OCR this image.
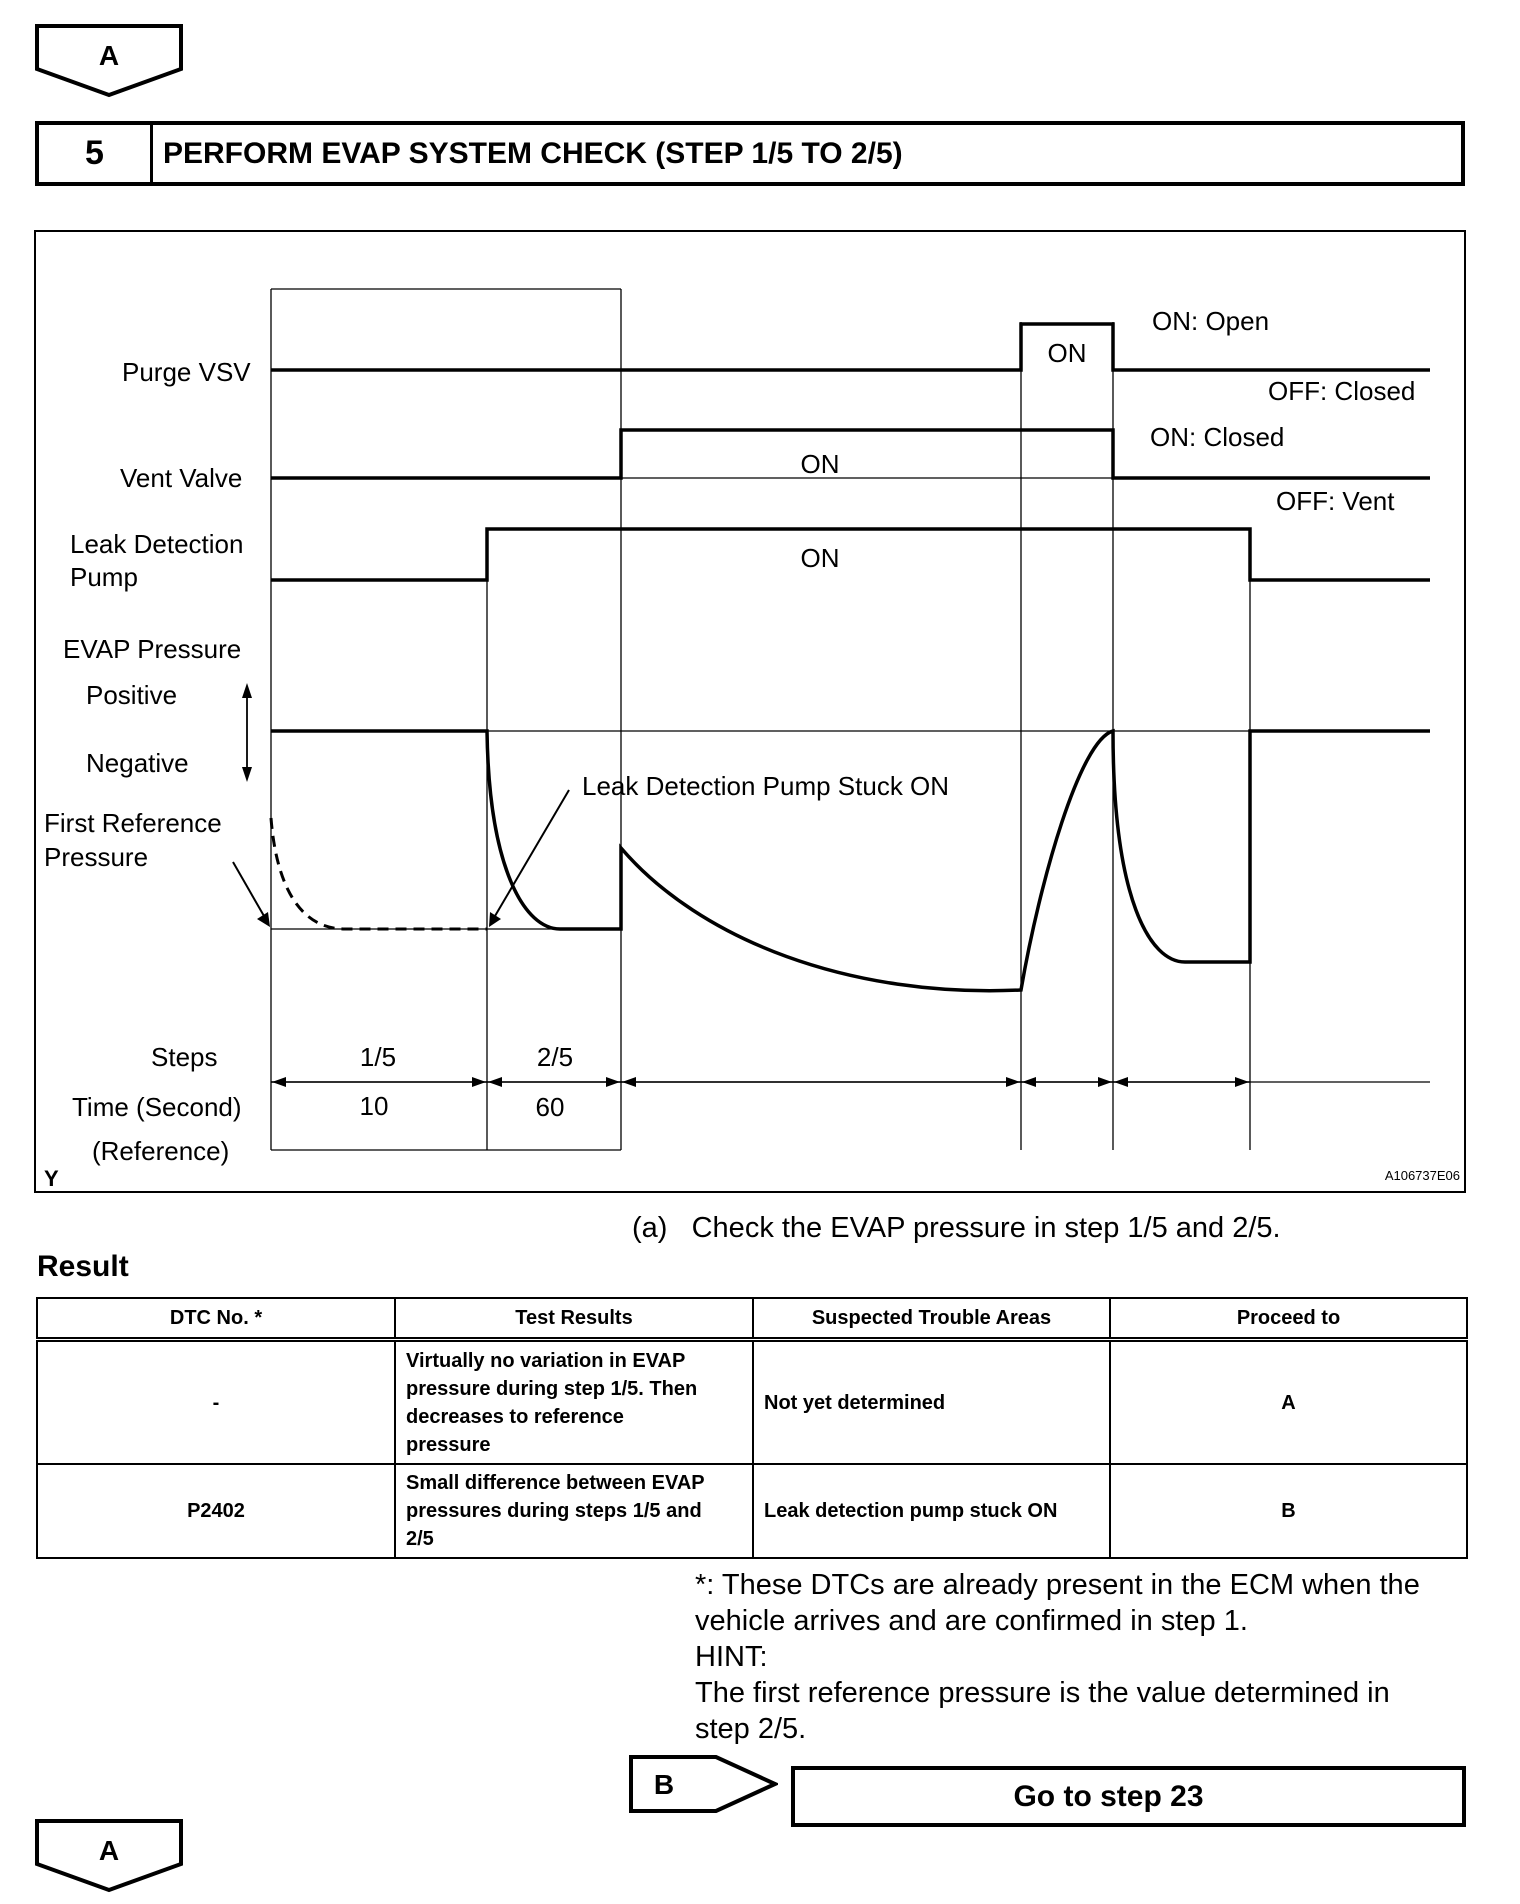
A
5	PERFORM EVAP SYSTEM CHECK (STEP 1/5 TO 2/5)
Purge VSV
Vent Valve
Leak Detection
Pump
EVAP Pressure
Positive
Negative
First Reference
Pressure
Steps
Time (Second)
(Reference)
ON
ON: Open
OFF: Closed
ON
ON: Closed
OFF: Vent
ON
Leak Detection Pump Stuck ON
1/5	2/5
10	60
Y	A106737E06
(a)   Check the EVAP pressure in step 1/5 and 2/5.
Result
DTC No. *	Test Results	Suspected Trouble Areas	Proceed to
-	Virtually no variation in EVAP
pressure during step 1/5. Then
decreases to reference
pressure	Not yet determined	A
P2402	Small difference between EVAP
pressures during steps 1/5 and
2/5	Leak detection pump stuck ON	B
*: These DTCs are already present in the ECM when the
vehicle arrives and are confirmed in step 1.
HINT:
The first reference pressure is the value determined in
step 2/5.
B	Go to step 23
A
